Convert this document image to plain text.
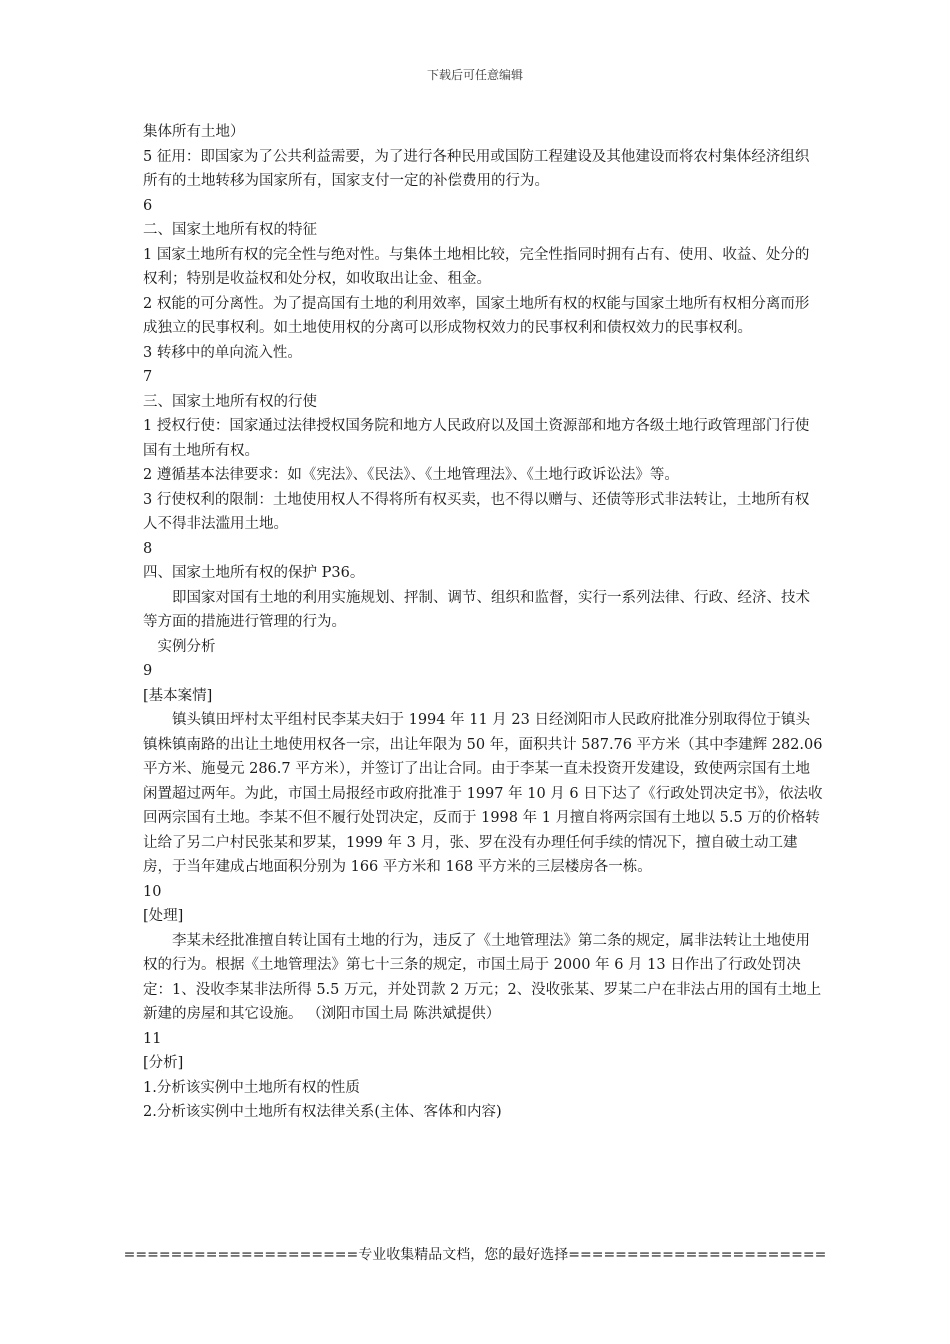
下载后可任意编辑

集体所有土地）

5 征用：即国家为了公共利益需要，为了进行各种民用或国防工程建设及其他建设而将农村集体经济组织所有的土地转移为国家所有，国家支付一定的补偿费用的行为。

6

二、国家土地所有权的特征

1 国家土地所有权的完全性与绝对性。与集体土地相比较，完全性指同时拥有占有、使用、收益、处分的权利；特别是收益权和处分权，如收取出让金、租金。

2 权能的可分离性。为了提高国有土地的利用效率，国家土地所有权的权能与国家土地所有权相分离而形成独立的民事权利。如土地使用权的分离可以形成物权效力的民事权利和债权效力的民事权利。

3 转移中的单向流入性。

7

三、国家土地所有权的行使

1 授权行使：国家通过法律授权国务院和地方人民政府以及国土资源部和地方各级土地行政管理部门行使国有土地所有权。

2 遵循基本法律要求：如《宪法》、《民法》、《土地管理法》、《土地行政诉讼法》等。

3 行使权利的限制：土地使用权人不得将所有权买卖，也不得以赠与、还债等形式非法转让，土地所有权人不得非法滥用土地。

8

四、国家土地所有权的保护 P36。

即国家对国有土地的利用实施规划、抨制、调节、组织和监督，实行一系列法律、行政、经济、技术等方面的措施进行管理的行为。

实例分析

9

[基本案情]

镇头镇田坪村太平组村民李某夫妇于 1994 年 11 月 23 日经浏阳市人民政府批准分别取得位于镇头镇株镇南路的出让土地使用权各一宗，出让年限为 50 年，面积共计 587.76 平方米（其中李建辉 282.06 平方米、施曼元 286.7 平方米），并签订了出让合同。由于李某一直未投资开发建设，致使两宗国有土地闲置超过两年。为此，市国土局报经市政府批准于 1997 年 10 月 6 日下达了《行政处罚决定书》，依法收回两宗国有土地。李某不但不履行处罚决定，反而于 1998 年 1 月擅自将两宗国有土地以 5.5 万的价格转让给了另二户村民张某和罗某，1999 年 3 月，张、罗在没有办理任何手续的情况下，擅自破土动工建房，于当年建成占地面积分别为 166 平方米和 168 平方米的三层楼房各一栋。

10

[处理]

李某未经批准擅自转让国有土地的行为，违反了《土地管理法》第二条的规定，属非法转让土地使用权的行为。根据《土地管理法》第七十三条的规定，市国土局于 2000 年 6 月 13 日作出了行政处罚决定：1、没收李某非法所得 5.5 万元，并处罚款 2 万元；2、没收张某、罗某二户在非法占用的国有土地上新建的房屋和其它设施。 （浏阳市国土局 陈洪斌提供）

11

[分析]

1.分析该实例中土地所有权的性质

2.分析该实例中土地所有权法律关系(主体、客体和内容)

====================专业收集精品文档，您的最好选择======================
